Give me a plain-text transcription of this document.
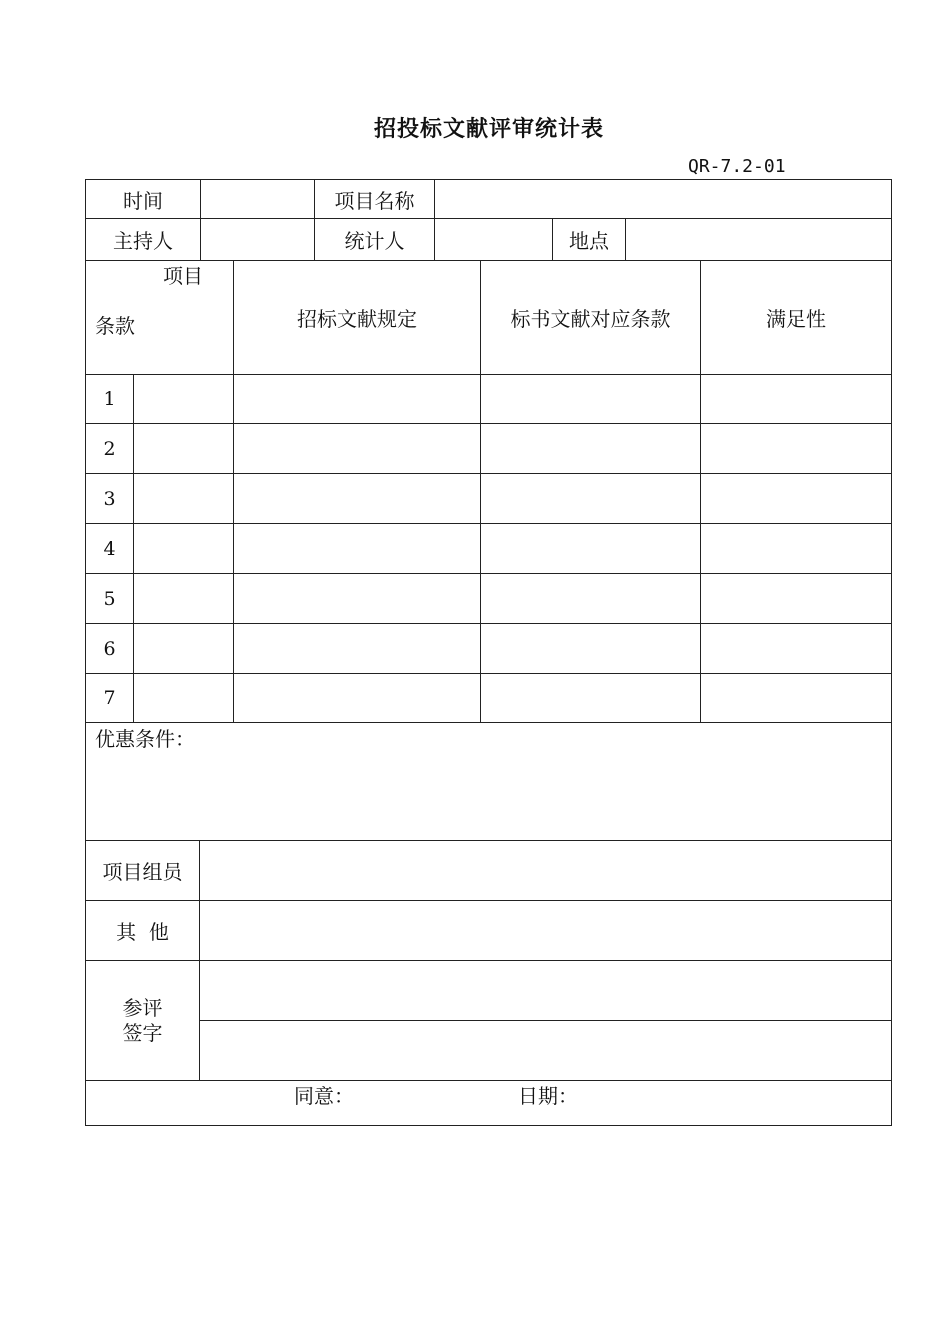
招投标文献评审统计表
QR-7.2-01
时间	项目名称
主持人	统计人	地点
项目
条款	招标文献规定	标书文献对应条款	满足性
1
2
3
4
5
6
7
优惠条件：
项目组员
其  他
参评
签字
同意：	日期：
